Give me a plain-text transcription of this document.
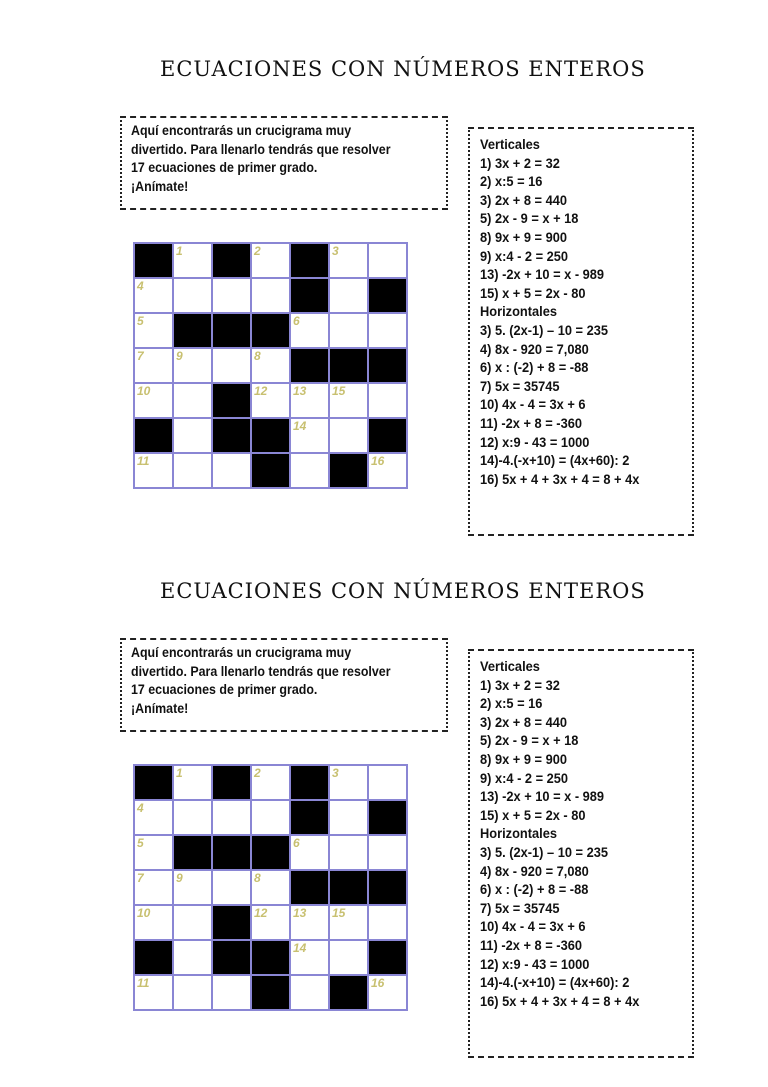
ECUACIONES CON NÚMEROS ENTEROS
Aquí encontrarás un crucigrama muy
divertido. Para llenarlo tendrás que resolver
17 ecuaciones de primer grado.
¡Anímate!
1	2	3
4
5	6
7	9	8
10	12 13 15
14
11	16
Verticales
1) 3x + 2 = 32
2) x:5 = 16
3) 2x + 8 = 440
5) 2x - 9 = x + 18
8) 9x + 9 = 900
9) x:4 - 2 = 250
13) -2x + 10 = x - 989
15) x + 5 = 2x - 80
Horizontales
3) 5. (2x-1) – 10 = 235
4) 8x - 920 = 7,080
6) x : (-2) + 8 = -88
7) 5x = 35745
10) 4x - 4 = 3x + 6
11) -2x + 8 = -360
12) x:9 - 43 = 1000
14)-4.(-x+10) = (4x+60): 2
16) 5x + 4 + 3x + 4 = 8 + 4x
ECUACIONES CON NÚMEROS ENTEROS
Aquí encontrarás un crucigrama muy
divertido. Para llenarlo tendrás que resolver
17 ecuaciones de primer grado.
¡Anímate!
1	2	3
4
5	6
7	9	8
10	12 13 15
14
11	16
Verticales
1) 3x + 2 = 32
2) x:5 = 16
3) 2x + 8 = 440
5) 2x - 9 = x + 18
8) 9x + 9 = 900
9) x:4 - 2 = 250
13) -2x + 10 = x - 989
15) x + 5 = 2x - 80
Horizontales
3) 5. (2x-1) – 10 = 235
4) 8x - 920 = 7,080
6) x : (-2) + 8 = -88
7) 5x = 35745
10) 4x - 4 = 3x + 6
11) -2x + 8 = -360
12) x:9 - 43 = 1000
14)-4.(-x+10) = (4x+60): 2
16) 5x + 4 + 3x + 4 = 8 + 4x
